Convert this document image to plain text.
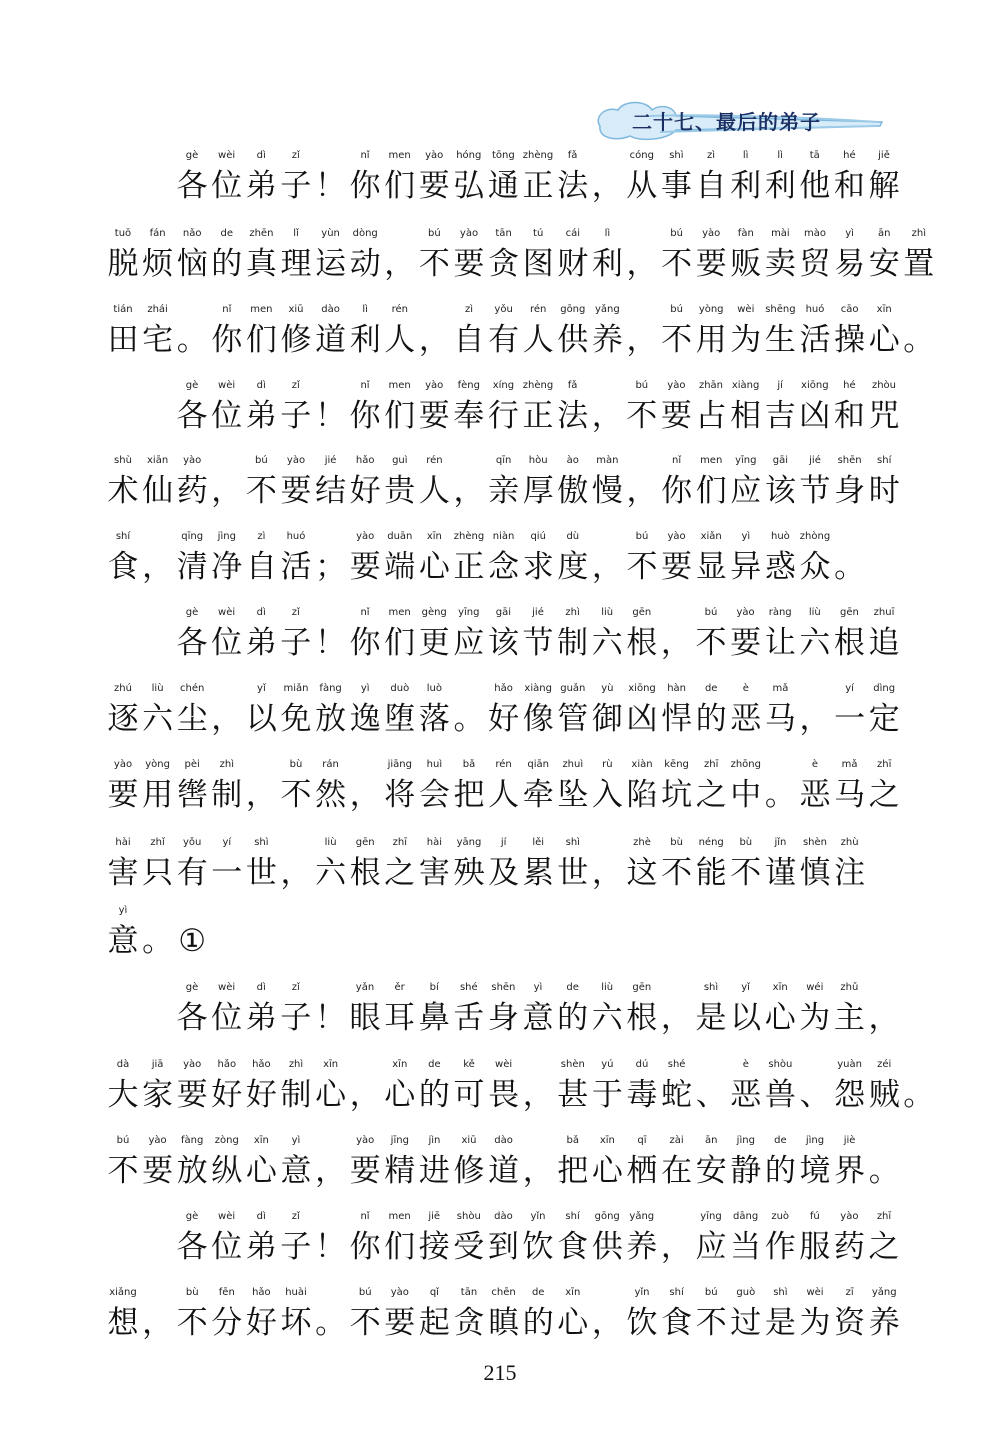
二十七、最后的弟子
gè	wèi	dì	zǐ	nǐ	men	yào	hóng	tōng zhèng	fǎ	cóng	shì	zì	lì	lì	tā	hé	jiě
各 位 弟 子 ！ 你 们 要 弘 通 正 法 ， 从 事 自 利 利 他 和 解
tuō	fán	nǎo	de	zhēn	lǐ	yùn	dòng	bú	yào	tān	tú	cái	lì	bú	yào	fàn	mài	mào	yì	ān	zhì
脱 烦 恼 的 真 理 运 动 ， 不 要 贪 图 财 利 ， 不 要 贩 卖 贸 易 安 置
tián	zhái	nǐ	men	xiū	dào	lì	rén	zì	yǒu	rén	gōng yǎng	bú	yòng	wèi	shēng	huó	cāo	xīn
田 宅 。 你 们 修 道 利 人 ， 自 有 人 供 养 ， 不 用 为 生 活 操 心 。
gè	wèi	dì	zǐ	nǐ	men	yào	fèng	xíng zhèng	fǎ	bú	yào	zhān xiàng	jí	xiōng	hé	zhòu
各 位 弟 子 ！ 你 们 要 奉 行 正 法 ， 不 要 占 相 吉 凶 和 咒
shù	xiān	yào	bú	yào	jié	hǎo	guì	rén	qīn	hòu	ào	màn	nǐ	men	yīng	gāi	jié	shēn	shí
术 仙 药 ， 不 要 结 好 贵 人 ， 亲 厚 傲 慢 ， 你 们 应 该 节 身 时
shí	qīng	jìng	zì	huó	yào	duān	xīn	zhèng niàn	qiú	dù	bú	yào	xiǎn	yì	huò	zhòng
食 ， 清 净 自 活 ； 要 端 心 正 念 求 度 ， 不 要 显 异 惑 众 。
gè	wèi	dì	zǐ	nǐ	men	gèng	yīng	gāi	jié	zhì	liù	gēn	bú	yào	ràng	liù	gēn	zhuī
各 位 弟 子 ！ 你 们 更 应 该 节 制 六 根 ， 不 要 让 六 根 追
zhú	liù	chén	yǐ	miǎn	fàng	yì	duò	luò	hǎo	xiàng guǎn	yù	xiōng	hàn	de	è	mǎ	yí	dìng
逐 六 尘 ， 以 免 放 逸 堕 落 。 好 像 管 御 凶 悍 的 恶 马 ， 一 定
yào	yòng	pèi	zhì	bù	rán	jiāng	huì	bǎ	rén	qiān	zhuì	rù	xiàn	kēng	zhī	zhōng	è	mǎ	zhī
要 用 辔 制 ， 不 然 ， 将 会 把 人 牵 坠 入 陷 坑 之 中 。 恶 马 之
hài	zhǐ	yǒu	yí	shì	liù	gēn	zhī	hài	yāng	jí	lěi	shì	zhè	bù	néng	bù	jǐn	shèn	zhù
害 只 有 一 世 ， 六 根 之 害 殃 及 累 世 ， 这 不 能 不 谨 慎 注
yì
意 。 ①
gè	wèi	dì	zǐ	yǎn	ěr	bí	shé	shēn	yì	de	liù	gēn	shì	yǐ	xīn	wéi	zhǔ
各 位 弟 子 ！ 眼 耳 鼻 舌 身 意 的 六 根 ， 是 以 心 为 主 ，
dà	jiā	yào	hǎo	hǎo	zhì	xīn	xīn	de	kě	wèi	shèn	yú	dú	shé	è	shòu	yuàn	zéi
大 家 要 好 好 制 心 ， 心 的 可 畏 ， 甚 于 毒 蛇 、 恶 兽 、 怨 贼 。
bú	yào	fàng	zòng	xīn	yì	yào	jīng	jìn	xiū	dào	bǎ	xīn	qī	zài	ān	jìng	de	jìng	jiè
不 要 放 纵 心 意 ， 要 精 进 修 道 ， 把 心 栖 在 安 静 的 境 界 。
gè	wèi	dì	zǐ	nǐ	men	jiē	shòu	dào	yǐn	shí	gōng yǎng	yīng	dāng	zuò	fú	yào	zhī
各 位 弟 子 ！ 你 们 接 受 到 饮 食 供 养 ， 应 当 作 服 药 之
xiǎng	bù	fēn	hǎo	huài	bú	yào	qǐ	tān	chēn	de	xīn	yǐn	shí	bú	guò	shì	wèi	zī	yǎng
想 ， 不 分 好 坏 。 不 要 起 贪 瞋 的 心 ， 饮 食 不 过 是 为 资 养
215
